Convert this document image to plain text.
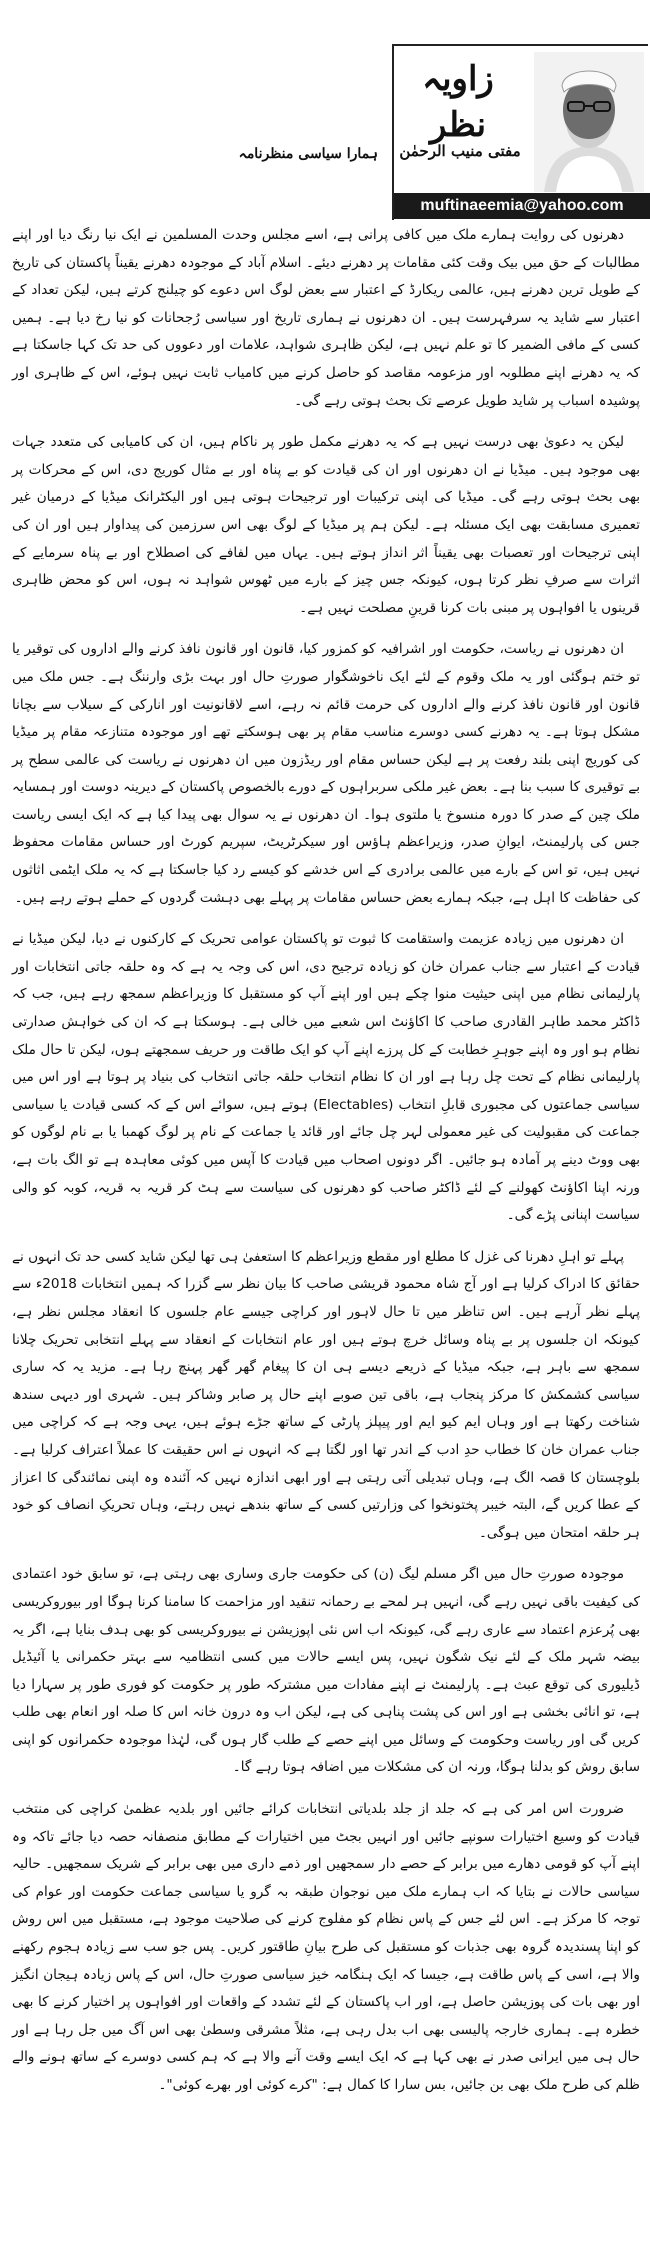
زاویہ نظر
مفتی منیب الرحمٰن
muftinaeemia@yahoo.com
ہمارا سیاسی منظرنامہ

دھرنوں کی روایت ہمارے ملک میں کافی پرانی ہے، اسے مجلس وحدت المسلمین نے ایک نیا رنگ دیا اور اپنے مطالبات کے حق میں بیک وقت کئی مقامات پر دھرنے دیئے۔ اسلام آباد کے موجودہ دھرنے یقیناً پاکستان کی تاریخ کے طویل ترین دھرنے ہیں، عالمی ریکارڈ کے اعتبار سے بعض لوگ اس دعوے کو چیلنج کرتے ہیں، لیکن تعداد کے اعتبار سے شاید یہ سرفہرست ہیں۔ ان دھرنوں نے ہماری تاریخ اور سیاسی رُجحانات کو نیا رخ دیا ہے۔ ہمیں کسی کے مافی الضمیر کا تو علم نہیں ہے، لیکن ظاہری شواہد، علامات اور دعووں کی حد تک کہا جاسکتا ہے کہ یہ دھرنے اپنے مطلوبہ اور مزعومہ مقاصد کو حاصل کرنے میں کامیاب ثابت نہیں ہوئے، اس کے ظاہری اور پوشیدہ اسباب پر شاید طویل عرصے تک بحث ہوتی رہے گی۔

لیکن یہ دعویٰ بھی درست نہیں ہے کہ یہ دھرنے مکمل طور پر ناکام ہیں، ان کی کامیابی کی متعدد جہات بھی موجود ہیں۔ میڈیا نے ان دھرنوں اور ان کی قیادت کو بے پناہ اور بے مثال کوریج دی، اس کے محرکات پر بھی بحث ہوتی رہے گی۔ میڈیا کی اپنی ترکیبات اور ترجیحات ہوتی ہیں اور الیکٹرانک میڈیا کے درمیان غیر تعمیری مسابقت بھی ایک مسئلہ ہے۔ لیکن ہم پر میڈیا کے لوگ بھی اس سرزمین کی پیداوار ہیں اور ان کی اپنی ترجیحات اور تعصبات بھی یقیناً اثر انداز ہوتے ہیں۔ یہاں میں لفافے کی اصطلاح اور بے پناہ سرمایے کے اثرات سے صرفِ نظر کرتا ہوں، کیونکہ جس چیز کے بارے میں ٹھوس شواہد نہ ہوں، اس کو محض ظاہری قرینوں یا افواہوں پر مبنی بات کرنا قرینِ مصلحت نہیں ہے۔

ان دھرنوں نے ریاست، حکومت اور اشرافیہ کو کمزور کیا، قانون اور قانون نافذ کرنے والے اداروں کی توقیر یا تو ختم ہوگئی اور یہ ملک وقوم کے لئے ایک ناخوشگوار صورتِ حال اور بہت بڑی وارننگ ہے۔ جس ملک میں قانون اور قانون نافذ کرنے والے اداروں کی حرمت قائم نہ رہے، اسے لاقانونیت اور انارکی کے سیلاب سے بچانا مشکل ہوتا ہے۔ یہ دھرنے کسی دوسرے مناسب مقام پر بھی ہوسکتے تھے اور موجودہ متنازعہ مقام پر میڈیا کی کوریج اپنی بلند رفعت پر ہے لیکن حساس مقام اور ریڈزون میں ان دھرنوں نے ریاست کی عالمی سطح پر بے توقیری کا سبب بنا ہے۔ بعض غیر ملکی سربراہوں کے دورے بالخصوص پاکستان کے دیرینہ دوست اور ہمسایہ ملک چین کے صدر کا دورہ منسوخ یا ملتوی ہوا۔ ان دھرنوں نے یہ سوال بھی پیدا کیا ہے کہ ایک ایسی ریاست جس کی پارلیمنٹ، ایوانِ صدر، وزیراعظم ہاؤس اور سیکرٹریٹ، سپریم کورٹ اور حساس مقامات محفوظ نہیں ہیں، تو اس کے بارے میں عالمی برادری کے اس خدشے کو کیسے رد کیا جاسکتا ہے کہ یہ ملک ایٹمی اثاثوں کی حفاظت کا اہل ہے، جبکہ ہمارے بعض حساس مقامات پر پہلے بھی دہشت گردوں کے حملے ہوتے رہے ہیں۔

ان دھرنوں میں زیادہ عزیمت واستقامت کا ثبوت تو پاکستان عوامی تحریک کے کارکنوں نے دیا، لیکن میڈیا نے قیادت کے اعتبار سے جناب عمران خان کو زیادہ ترجیح دی، اس کی وجہ یہ ہے کہ وہ حلقہ جاتی انتخابات اور پارلیمانی نظام میں اپنی حیثیت منوا چکے ہیں اور اپنے آپ کو مستقبل کا وزیراعظم سمجھ رہے ہیں، جب کہ ڈاکٹر محمد طاہر القادری صاحب کا اکاؤنٹ اس شعبے میں خالی ہے۔ ہوسکتا ہے کہ ان کی خواہش صدارتی نظام ہو اور وہ اپنے جوہرِ خطابت کے کل پرزے اپنے آپ کو ایک طاقت ور حریف سمجھتے ہوں، لیکن تا حال ملک پارلیمانی نظام کے تحت چل رہا ہے اور ان کا نظام انتخاب حلقہ جاتی انتخاب کی بنیاد پر ہوتا ہے اور اس میں سیاسی جماعتوں کی مجبوری قابلِ انتخاب (Electables) ہوتے ہیں، سوائے اس کے کہ کسی قیادت یا سیاسی جماعت کی مقبولیت کی غیر معمولی لہر چل جائے اور قائد یا جماعت کے نام پر لوگ کھمبا یا بے نام لوگوں کو بھی ووٹ دینے پر آمادہ ہو جائیں۔ اگر دونوں اصحاب میں قیادت کا آپس میں کوئی معاہدہ ہے تو الگ بات ہے، ورنہ اپنا اکاؤنٹ کھولنے کے لئے ڈاکٹر صاحب کو دھرنوں کی سیاست سے ہٹ کر قریہ بہ قریہ، کوبہ کو والی سیاست اپنانی پڑے گی۔

پہلے تو اہلِ دھرنا کی غزل کا مطلع اور مقطع وزیراعظم کا استعفیٰ ہی تھا لیکن شاید کسی حد تک انہوں نے حقائق کا ادراک کرلیا ہے اور آج شاہ محمود قریشی صاحب کا بیان نظر سے گزرا کہ ہمیں انتخابات 2018ء سے پہلے نظر آرہے ہیں۔ اس تناظر میں تا حال لاہور اور کراچی جیسے عام جلسوں کا انعقاد مجلس نظر ہے، کیونکہ ان جلسوں پر بے پناہ وسائل خرچ ہوتے ہیں اور عام انتخابات کے انعقاد سے پہلے انتخابی تحریک چلانا سمجھ سے باہر ہے، جبکہ میڈیا کے ذریعے دیسے ہی ان کا پیغام گھر گھر پہنچ رہا ہے۔ مزید یہ کہ ساری سیاسی کشمکش کا مرکز پنجاب ہے، باقی تین صوبے اپنے حال پر صابر وشاکر ہیں۔ شہری اور دیہی سندھ شناخت رکھتا ہے اور وہاں ایم کیو ایم اور پیپلز پارٹی کے ساتھ جڑے ہوئے ہیں، یہی وجہ ہے کہ کراچی میں جناب عمران خان کا خطاب حدِ ادب کے اندر تھا اور لگتا ہے کہ انہوں نے اس حقیقت کا عملاً اعتراف کرلیا ہے۔ بلوچستان کا قصہ الگ ہے، وہاں تبدیلی آتی رہتی ہے اور ابھی اندازہ نہیں کہ آئندہ وہ اپنی نمائندگی کا اعزاز کے عطا کریں گے، البتہ خیبر پختونخوا کی وزارتیں کسی کے ساتھ بندھے نہیں رہتے، وہاں تحریکِ انصاف کو خود ہر حلقہ امتحان میں ہوگی۔

موجودہ صورتِ حال میں اگر مسلم لیگ (ن) کی حکومت جاری وساری بھی رہتی ہے، تو سابق خود اعتمادی کی کیفیت باقی نہیں رہے گی، انہیں ہر لمحے بے رحمانہ تنقید اور مزاحمت کا سامنا کرنا ہوگا اور بیوروکریسی بھی پُرعزم اعتماد سے عاری رہے گی، کیونکہ اب اس نئی اپوزیشن نے بیوروکریسی کو بھی ہدف بنایا ہے، اگر یہ بیضہ شہر ملک کے لئے نیک شگون نہیں، پس ایسے حالات میں کسی انتظامیہ سے بہتر حکمرانی یا آئیڈیل ڈیلیوری کی توقع عبث ہے۔ پارلیمنٹ نے اپنے مفادات میں مشترکہ طور پر حکومت کو فوری طور پر سہارا دیا ہے، تو انائی بخشی ہے اور اس کی پشت پناہی کی ہے، لیکن اب وہ درون خانہ اس کا صلہ اور انعام بھی طلب کریں گی اور ریاست وحکومت کے وسائل میں اپنے حصے کے طلب گار ہوں گی، لہٰذا موجودہ حکمرانوں کو اپنی سابق روش کو بدلنا ہوگا، ورنہ ان کی مشکلات میں اضافہ ہوتا رہے گا۔

ضرورت اس امر کی ہے کہ جلد از جلد بلدیاتی انتخابات کرائے جائیں اور بلدیہ عظمیٰ کراچی کی منتخب قیادت کو وسیع اختیارات سونپے جائیں اور انہیں بجٹ میں اختیارات کے مطابق منصفانہ حصہ دیا جائے تاکہ وہ اپنے آپ کو قومی دھارے میں برابر کے حصے دار سمجھیں اور ذمے داری میں بھی برابر کے شریک سمجھیں۔ حالیہ سیاسی حالات نے بتایا کہ اب ہمارے ملک میں نوجوان طبقہ بہ گرو یا سیاسی جماعت حکومت اور عوام کی توجہ کا مرکز ہے۔ اس لئے جس کے پاس نظام کو مفلوج کرنے کی صلاحیت موجود ہے، مستقبل میں اس روش کو اپنا پسندیدہ گروہ بھی جذبات کو مستقبل کی طرح بیانِ طاقتور کریں۔ پس جو سب سے زیادہ ہجوم رکھنے والا ہے، اسی کے پاس طاقت ہے، جیسا کہ ایک ہنگامہ خیز سیاسی صورتِ حال، اس کے پاس زیادہ ہیجان انگیز اور بھی بات کی پوزیشن حاصل ہے، اور اب پاکستان کے لئے تشدد کے واقعات اور افواہوں پر اختیار کرنے کا بھی خطرہ ہے۔ ہماری خارجہ پالیسی بھی اب بدل رہی ہے، مثلاً مشرقی وسطیٰ بھی اس آگ میں جل رہا ہے اور حال ہی میں ایرانی صدر نے بھی کہا ہے کہ ایک ایسے وقت آنے والا ہے کہ ہم کسی دوسرے کے ساتھ ہونے والے ظلم کی طرح ملک بھی بن جائیں، بس سارا کا کمال ہے: "کرے کوئی اور بھرے کوئی"۔
